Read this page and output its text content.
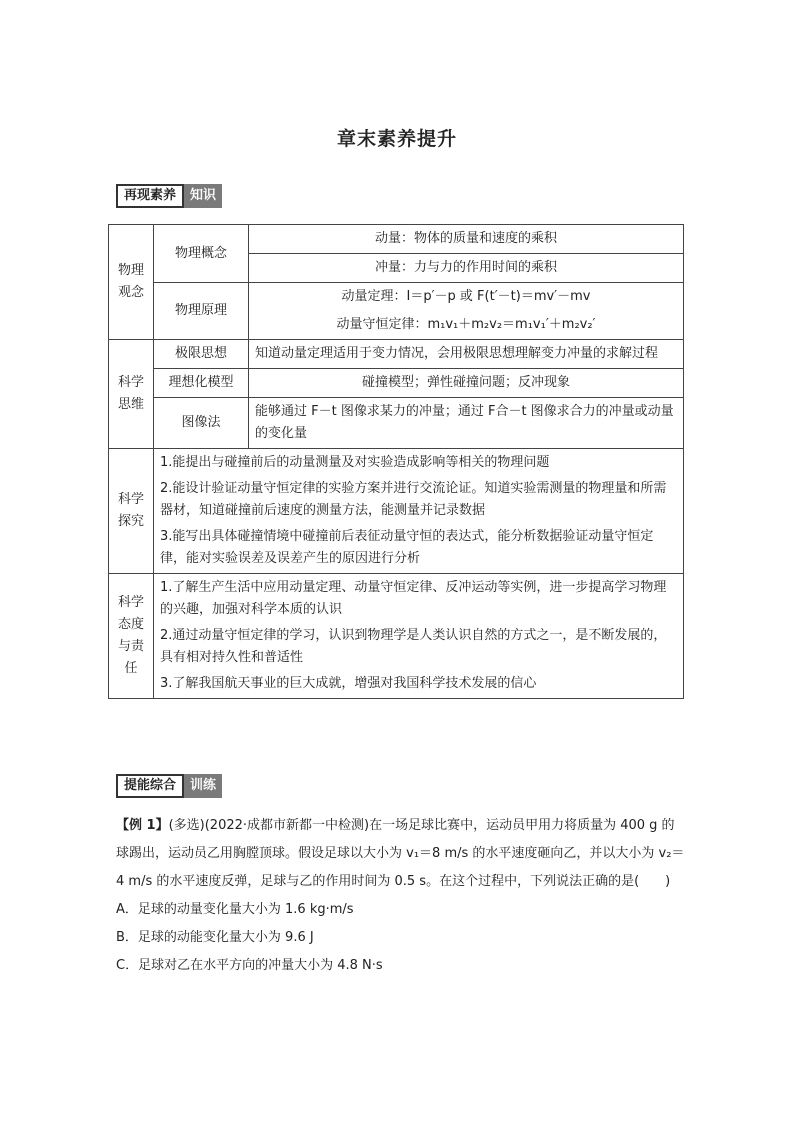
章末素养提升
再现素养	知识
物理观念	物理概念	动量：物体的质量和速度的乘积
		冲量：力与力的作用时间的乘积
	物理原理	动量定理：I＝p′－p 或 F(t′－t)＝mv′－mv
		动量守恒定律：m₁v₁＋m₂v₂＝m₁v₁′＋m₂v₂′
科学思维	极限思想	知道动量定理适用于变力情况，会用极限思想理解变力冲量的求解过程
	理想化模型	碰撞模型；弹性碰撞问题；反冲现象
	图像法	能够通过 F－t 图像求某力的冲量；通过 F合－t 图像求合力的冲量或动量的变化量
科学探究	1.能提出与碰撞前后的动量测量及对实验造成影响等相关的物理问题
2.能设计验证动量守恒定律的实验方案并进行交流论证。知道实验需测量的物理量和所需器材，知道碰撞前后速度的测量方法，能测量并记录数据
3.能写出具体碰撞情境中碰撞前后表征动量守恒的表达式，能分析数据验证动量守恒定律，能对实验误差及误差产生的原因进行分析	

科学态度与责任	1.了解生产生活中应用动量定理、动量守恒定律、反冲运动等实例，进一步提高学习物理的兴趣，加强对科学本质的认识
2.通过动量守恒定律的学习，认识到物理学是人类认识自然的方式之一，是不断发展的，具有相对持久性和普适性
3.了解我国航天事业的巨大成就，增强对我国科学技术发展的信心	
提能综合	训练

【例 1】(多选)(2022·成都市新都一中检测)在一场足球比赛中，运动员甲用力将质量为 400 g 的球踢出，运动员乙用胸膛顶球。假设足球以大小为 v₁＝8 m/s 的水平速度砸向乙，并以大小为 v₂＝4 m/s 的水平速度反弹，足球与乙的作用时间为 0.5 s。在这个过程中，下列说法正确的是(　　)

A．足球的动量变化量大小为 1.6 kg·m/s

B．足球的动能变化量大小为 9.6 J

C．足球对乙在水平方向的冲量大小为 4.8 N·s
